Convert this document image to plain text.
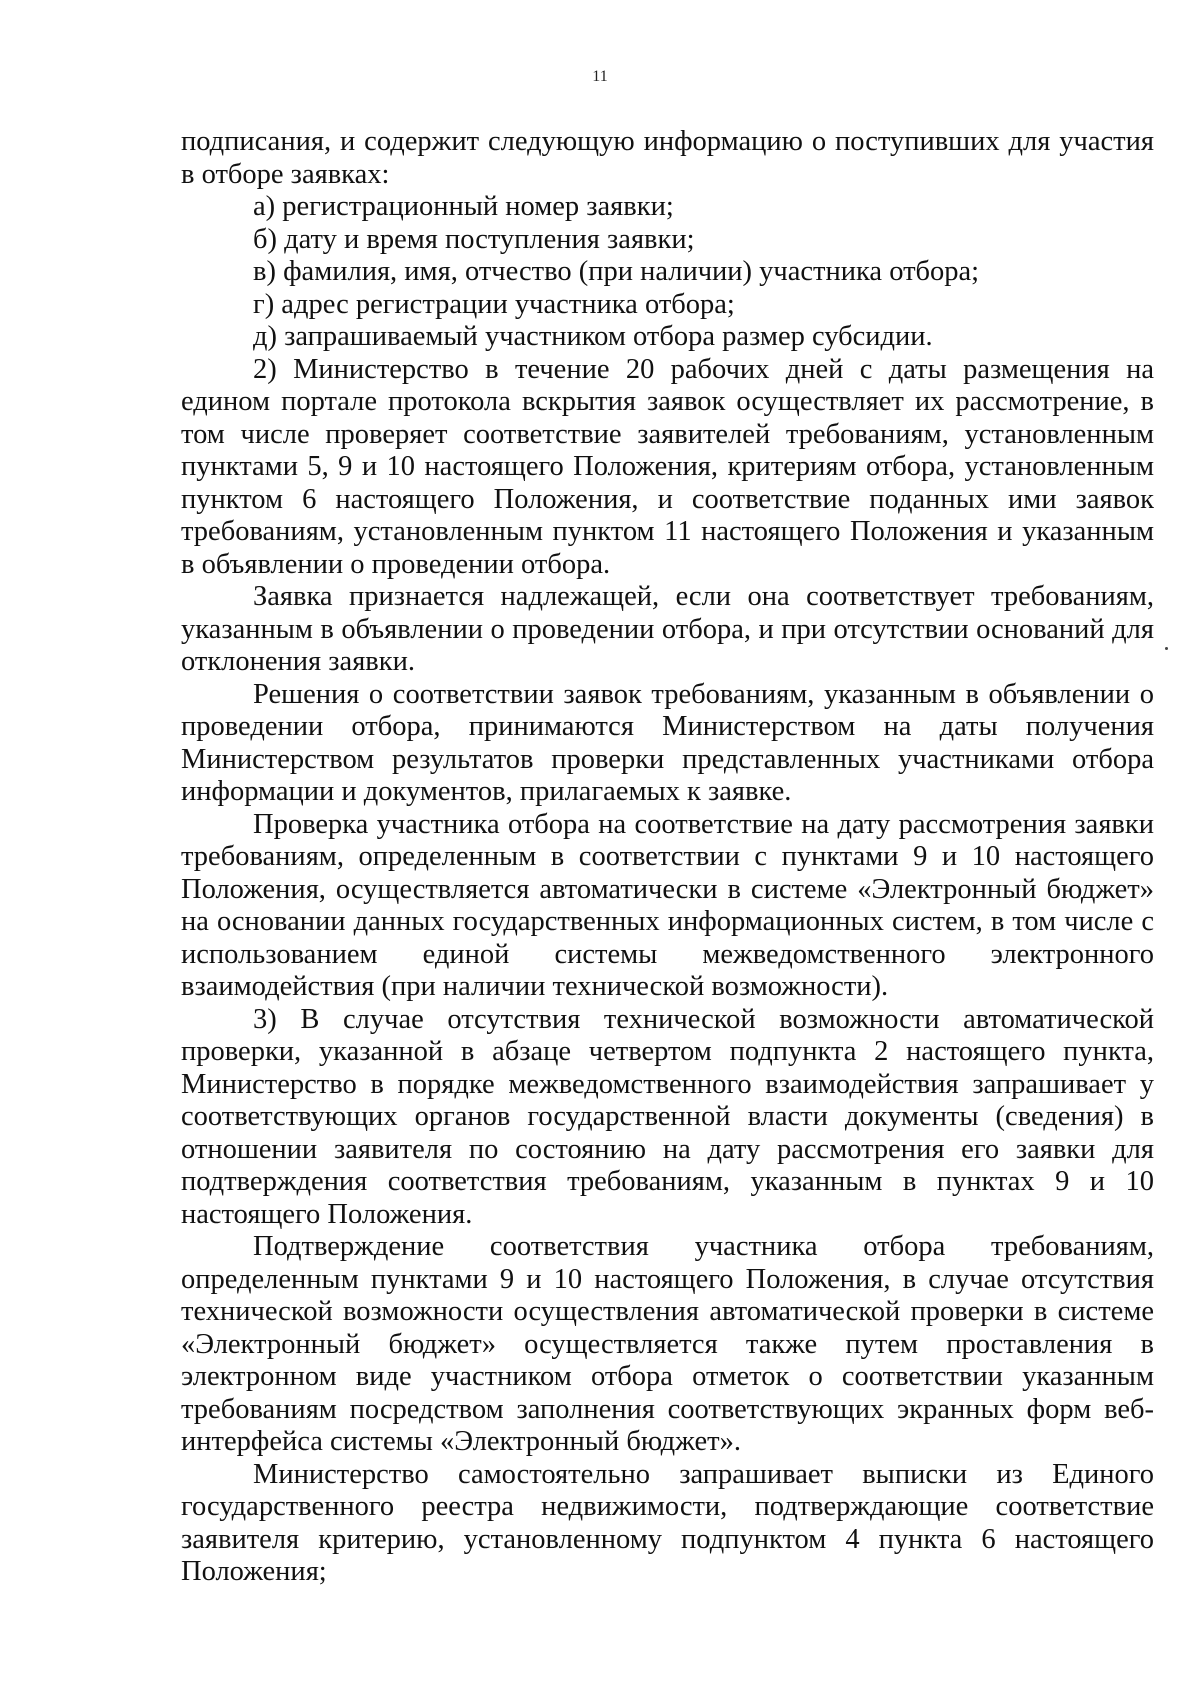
11

подписания, и содержит следующую информацию о поступивших для участия в отборе заявках:

а) регистрационный номер заявки;

б) дату и время поступления заявки;

в) фамилия, имя, отчество (при наличии) участника отбора;

г) адрес регистрации участника отбора;

д) запрашиваемый участником отбора размер субсидии.

2) Министерство в течение 20 рабочих дней с даты размещения на едином портале протокола вскрытия заявок осуществляет их рассмотрение, в том числе проверяет соответствие заявителей требованиям, установленным пунктами 5, 9 и 10 настоящего Положения, критериям отбора, установленным пунктом 6 настоящего Положения, и соответствие поданных ими заявок требованиям, установленным пунктом 11 настоящего Положения и указанным в объявлении о проведении отбора.

Заявка признается надлежащей, если она соответствует требованиям, указанным в объявлении о проведении отбора, и при отсутствии оснований для отклонения заявки.

Решения о соответствии заявок требованиям, указанным в объявлении о проведении отбора, принимаются Министерством на даты получения Министерством результатов проверки представленных участниками отбора информации и документов, прилагаемых к заявке.

Проверка участника отбора на соответствие на дату рассмотрения заявки требованиям, определенным в соответствии с пунктами 9 и 10 настоящего Положения, осуществляется автоматически в системе «Электронный бюджет» на основании данных государственных информационных систем, в том числе с использованием единой системы межведомственного электронного взаимодействия (при наличии технической возможности).

3) В случае отсутствия технической возможности автоматической проверки, указанной в абзаце четвертом подпункта 2 настоящего пункта, Министерство в порядке межведомственного взаимодействия запрашивает у соответствующих органов государственной власти документы (сведения) в отношении заявителя по состоянию на дату рассмотрения его заявки для подтверждения соответствия требованиям, указанным в пунктах 9 и 10 настоящего Положения.

Подтверждение соответствия участника отбора требованиям, определенным пунктами 9 и 10 настоящего Положения, в случае отсутствия технической возможности осуществления автоматической проверки в системе «Электронный бюджет» осуществляется также путем проставления в электронном виде участником отбора отметок о соответствии указанным требованиям посредством заполнения соответствующих экранных форм веб-интерфейса системы «Электронный бюджет».

Министерство самостоятельно запрашивает выписки из Единого государственного реестра недвижимости, подтверждающие соответствие заявителя критерию, установленному подпунктом 4 пункта 6 настоящего Положения;
